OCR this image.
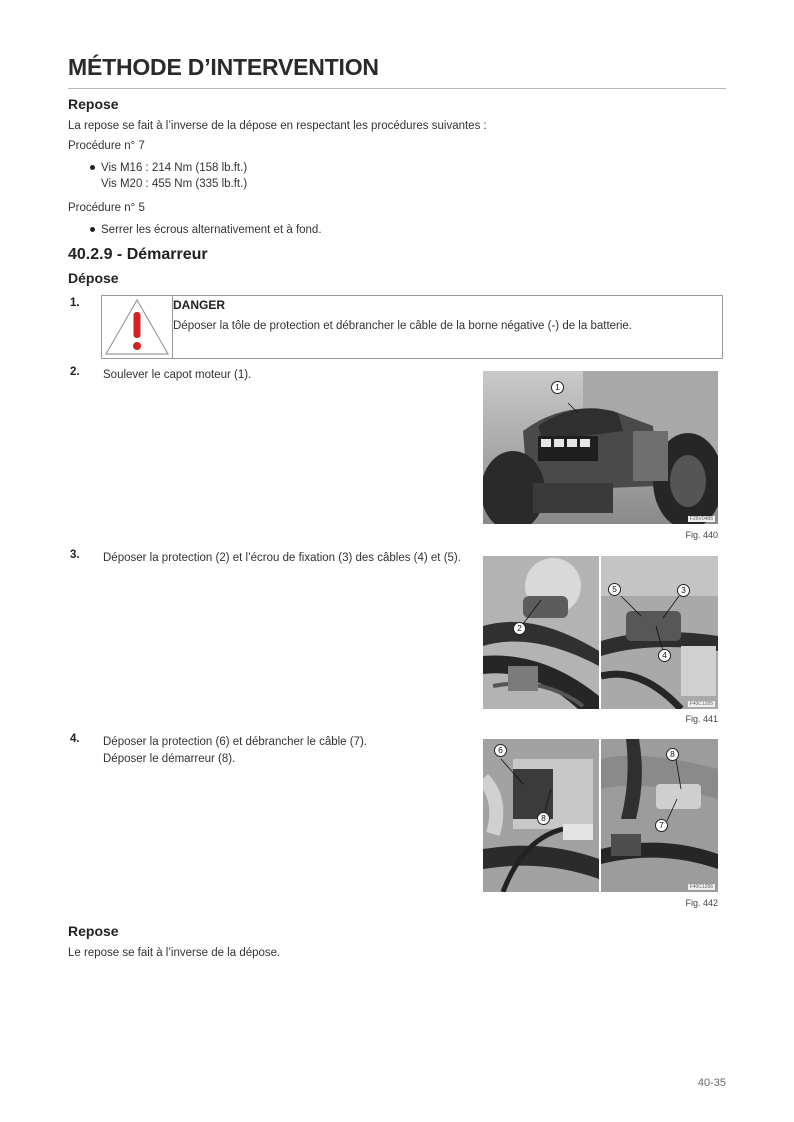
MÉTHODE D’INTERVENTION
Repose

La repose se fait à l’inverse de la dépose en respectant les procédures suivantes :

Procédure n° 7

Vis M16 : 214 Nm (158 lb.ft.)
Vis M20 : 455 Nm (335 lb.ft.)

Procédure n° 5

Serrer les écrous alternativement et à fond.
40.2.9 - Démarreur
Dépose
1.	DANGER
Déposer la tôle de protection et débrancher le câble de la borne négative (-) de la batterie.
2. Soulever le capot moteur (1).

1
F26V0486
Fig. 440
3. Déposer la protection (2) et l’écrou de fixation (3) des câbles (4) et (5).

2
5	3
4
F40C1285
Fig. 441
4. Déposer la protection (6) et débrancher le câble (7).

Déposer le démarreur (8).

6
8
8
7
F40C1286
Fig. 442
Repose

Le repose se fait à l’inverse de la dépose.

40-35
